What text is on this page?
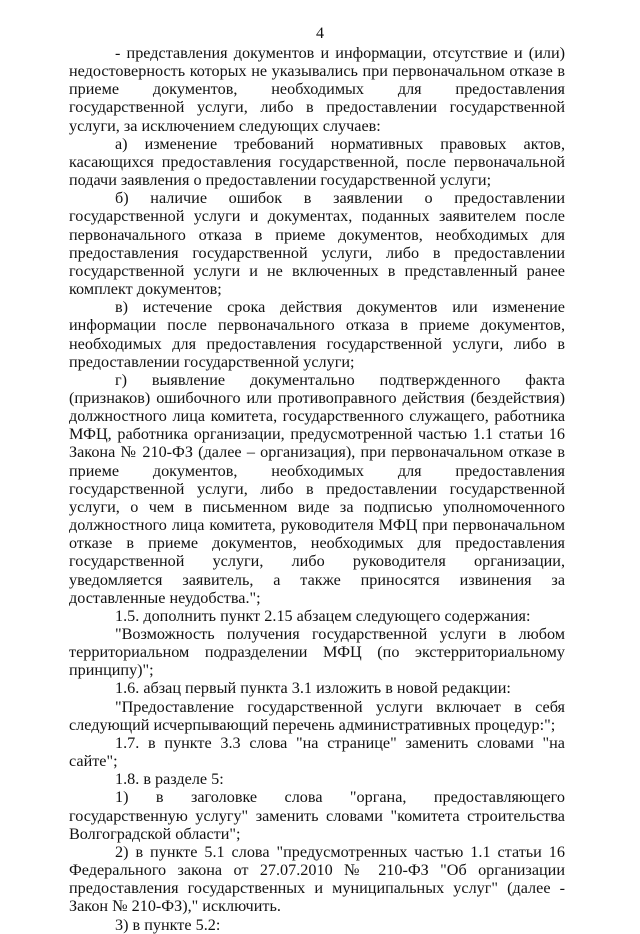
4

- представления документов и информации, отсутствие и (или) недостоверность которых не указывались при первоначальном отказе в приеме документов, необходимых для предоставления государственной услуги, либо в предоставлении государственной услуги, за исключением следующих случаев:

а) изменение требований нормативных правовых актов, касающихся предоставления государственной, после первоначальной подачи заявления о предоставлении государственной услуги;

б) наличие ошибок в заявлении о предоставлении государственной услуги и документах, поданных заявителем после первоначального отказа в приеме документов, необходимых для предоставления государственной услуги, либо в предоставлении государственной услуги и не включенных в представленный ранее комплект документов;

в) истечение срока действия документов или изменение информации после первоначального отказа в приеме документов, необходимых для предоставления государственной услуги, либо в предоставлении государственной услуги;

г) выявление документально подтвержденного факта (признаков) ошибочного или противоправного действия (бездействия) должностного лица комитета, государственного служащего, работника МФЦ, работника организации, предусмотренной частью 1.1 статьи 16 Закона № 210-ФЗ (далее – организация), при первоначальном отказе в приеме документов, необходимых для предоставления государственной услуги, либо в предоставлении государственной услуги, о чем в письменном виде за подписью уполномоченного должностного лица комитета, руководителя МФЦ при первоначальном отказе в приеме документов, необходимых для предоставления государственной услуги, либо руководителя организации, уведомляется заявитель, а также приносятся извинения за доставленные неудобства.";

1.5. дополнить пункт 2.15 абзацем следующего содержания:

"Возможность получения государственной услуги в любом территориальном подразделении МФЦ (по экстерриториальному принципу)";

1.6. абзац первый пункта 3.1 изложить в новой редакции:

"Предоставление государственной услуги включает в себя следующий исчерпывающий перечень административных процедур:";

1.7. в пункте 3.3 слова "на странице" заменить словами "на сайте";

1.8. в разделе 5:

1) в заголовке слова "органа, предоставляющего государственную услугу" заменить словами "комитета строительства Волгоградской области";

2) в пункте 5.1 слова "предусмотренных частью 1.1 статьи 16 Федерального закона от 27.07.2010 № 210-ФЗ "Об организации предоставления государственных и муниципальных услуг" (далее - Закон № 210-ФЗ)," исключить.

3) в пункте 5.2:
